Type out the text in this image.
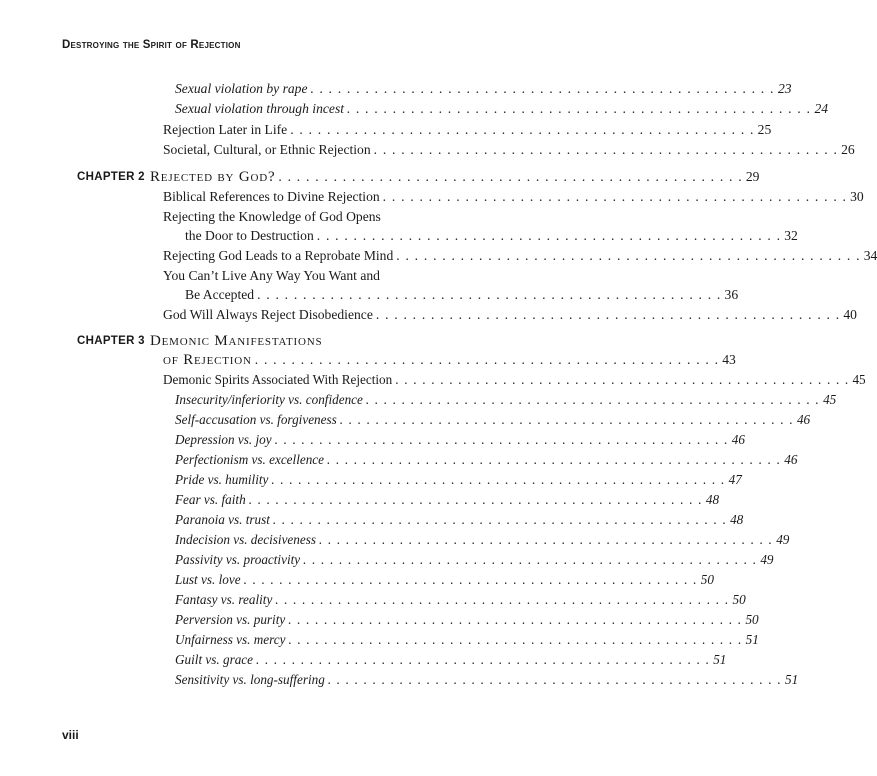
Destroying the Spirit of Rejection
Sexual violation by rape . . . . . . . . . . . . . . . . . . . . . . . . . . . . . . . . . . . . . . . . . . . . . . . . . . . 23
Sexual violation through incest . . . . . . . . . . . . . . . . . . . . . . . . . . . . . . . . . . . . . . . . . . . . . . . . . . . 24
Rejection Later in Life . . . . . . . . . . . . . . . . . . . . . . . . . . . . . . . . . . . . . . . . . . . . . . . . . . . 25
Societal, Cultural, or Ethnic Rejection . . . . . . . . . . . . . . . . . . . . . . . . . . . . . . . . . . . . . . . . . . . . . . . . . . . 26
CHAPTER 2 Rejected by God? . . . . . . . . . . . . . . . . . . . . . . . . . . . . . . . . . . . . . . . . . . . . . . . . . . . 29
Biblical References to Divine Rejection . . . . . . . . . . . . . . . . . . . . . . . . . . . . . . . . . . . . . . . . . . . . . . . . . . . 30
Rejecting the Knowledge of God Opens
the Door to Destruction . . . . . . . . . . . . . . . . . . . . . . . . . . . . . . . . . . . . . . . . . . . . . . . . . . . 32
Rejecting God Leads to a Reprobate Mind . . . . . . . . . . . . . . . . . . . . . . . . . . . . . . . . . . . . . . . . . . . . . . . . . . . 34
You Can’t Live Any Way You Want and
Be Accepted . . . . . . . . . . . . . . . . . . . . . . . . . . . . . . . . . . . . . . . . . . . . . . . . . . . 36
God Will Always Reject Disobedience . . . . . . . . . . . . . . . . . . . . . . . . . . . . . . . . . . . . . . . . . . . . . . . . . . . 40
CHAPTER 3 Demonic Manifestations
of Rejection . . . . . . . . . . . . . . . . . . . . . . . . . . . . . . . . . . . . . . . . . . . . . . . . . . . 43
Demonic Spirits Associated With Rejection . . . . . . . . . . . . . . . . . . . . . . . . . . . . . . . . . . . . . . . . . . . . . . . . . . . 45
Insecurity/inferiority vs. confidence . . . . . . . . . . . . . . . . . . . . . . . . . . . . . . . . . . . . . . . . . . . . . . . . . . . 45
Self-accusation vs. forgiveness . . . . . . . . . . . . . . . . . . . . . . . . . . . . . . . . . . . . . . . . . . . . . . . . . . . 46
Depression vs. joy . . . . . . . . . . . . . . . . . . . . . . . . . . . . . . . . . . . . . . . . . . . . . . . . . . . 46
Perfectionism vs. excellence . . . . . . . . . . . . . . . . . . . . . . . . . . . . . . . . . . . . . . . . . . . . . . . . . . . 46
Pride vs. humility . . . . . . . . . . . . . . . . . . . . . . . . . . . . . . . . . . . . . . . . . . . . . . . . . . . 47
Fear vs. faith . . . . . . . . . . . . . . . . . . . . . . . . . . . . . . . . . . . . . . . . . . . . . . . . . . . 48
Paranoia vs. trust . . . . . . . . . . . . . . . . . . . . . . . . . . . . . . . . . . . . . . . . . . . . . . . . . . . 48
Indecision vs. decisiveness . . . . . . . . . . . . . . . . . . . . . . . . . . . . . . . . . . . . . . . . . . . . . . . . . . . 49
Passivity vs. proactivity . . . . . . . . . . . . . . . . . . . . . . . . . . . . . . . . . . . . . . . . . . . . . . . . . . . 49
Lust vs. love . . . . . . . . . . . . . . . . . . . . . . . . . . . . . . . . . . . . . . . . . . . . . . . . . . . 50
Fantasy vs. reality . . . . . . . . . . . . . . . . . . . . . . . . . . . . . . . . . . . . . . . . . . . . . . . . . . . 50
Perversion vs. purity . . . . . . . . . . . . . . . . . . . . . . . . . . . . . . . . . . . . . . . . . . . . . . . . . . . 50
Unfairness vs. mercy . . . . . . . . . . . . . . . . . . . . . . . . . . . . . . . . . . . . . . . . . . . . . . . . . . . 51
Guilt vs. grace . . . . . . . . . . . . . . . . . . . . . . . . . . . . . . . . . . . . . . . . . . . . . . . . . . . 51
Sensitivity vs. long-suffering . . . . . . . . . . . . . . . . . . . . . . . . . . . . . . . . . . . . . . . . . . . . . . . . . . . 51
viii
